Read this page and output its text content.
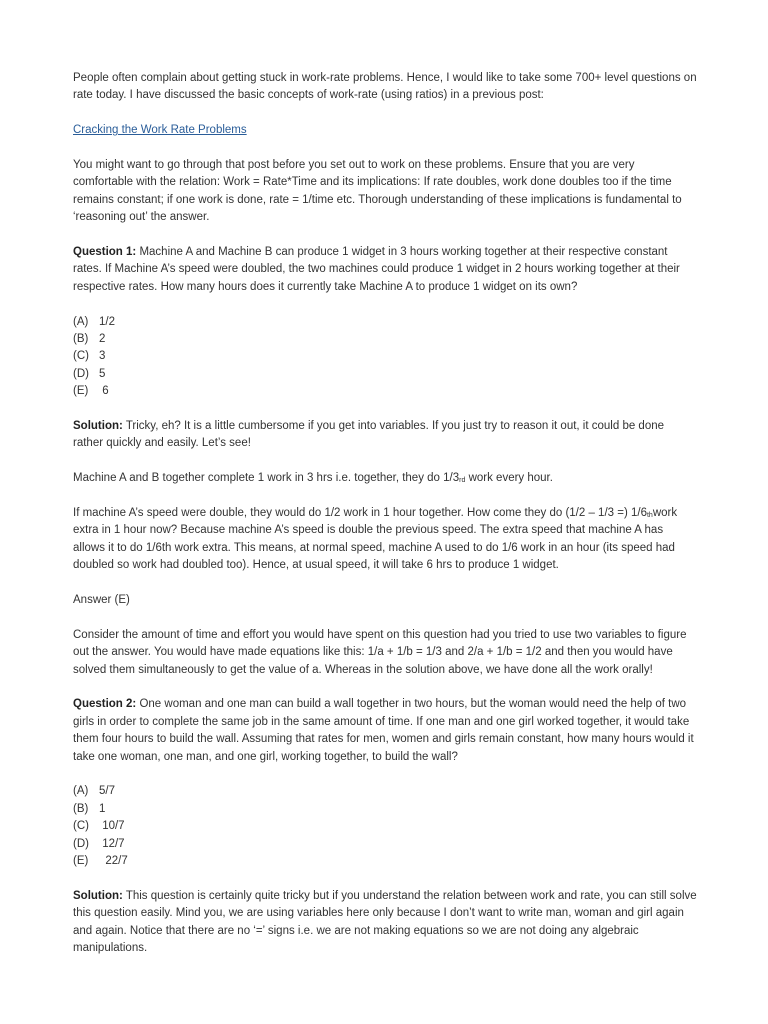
People often complain about getting stuck in work-rate problems. Hence, I would like to take some 700+ level questions on rate today. I have discussed the basic concepts of work-rate (using ratios) in a previous post:

Cracking the Work Rate Problems

You might want to go through that post before you set out to work on these problems. Ensure that you are very comfortable with the relation: Work = Rate*Time and its implications: If rate doubles, work done doubles too if the time remains constant; if one work is done, rate = 1/time etc. Thorough understanding of these implications is fundamental to ‘reasoning out’ the answer.

Question 1: Machine A and Machine B can produce 1 widget in 3 hours working together at their respective constant rates. If Machine A’s speed were doubled, the two machines could produce 1 widget in 2 hours working together at their respective rates. How many hours does it currently take Machine A to produce 1 widget on its own?

(A) 1/2
(B) 2
(C) 3
(D) 5
(E) 6

Solution: Tricky, eh? It is a little cumbersome if you get into variables. If you just try to reason it out, it could be done rather quickly and easily. Let’s see!

Machine A and B together complete 1 work in 3 hrs i.e. together, they do $1/3_{rd}$ work every hour.

If machine A’s speed were double, they would do 1/2 work in 1 hour together. How come they do (1/2 – 1/3 =) $1/6_{th}work$ extra in 1 hour now? Because machine A’s speed is double the previous speed. The extra speed that machine A has allows it to do 1/6th work extra. This means, at normal speed, machine A used to do 1/6 work in an hour (its speed had doubled so work had doubled too). Hence, at usual speed, it will take 6 hrs to produce 1 widget.

Answer (E)

Consider the amount of time and effort you would have spent on this question had you tried to use two variables to figure out the answer. You would have made equations like this: 1/a + 1/b = 1/3 and 2/a + 1/b = 1/2 and then you would have solved them simultaneously to get the value of a. Whereas in the solution above, we have done all the work orally!

Question 2: One woman and one man can build a wall together in two hours, but the woman would need the help of two girls in order to complete the same job in the same amount of time. If one man and one girl worked together, it would take them four hours to build the wall. Assuming that rates for men, women and girls remain constant, how many hours would it take one woman, one man, and one girl, working together, to build the wall?

(A) 5/7
(B) 1
(C) 10/7
(D) 12/7
(E)  22/7

Solution: This question is certainly quite tricky but if you understand the relation between work and rate, you can still solve this question easily. Mind you, we are using variables here only because I don’t want to write man, woman and girl again and again. Notice that there are no ‘=’ signs i.e. we are not making equations so we are not doing any algebraic manipulations.
